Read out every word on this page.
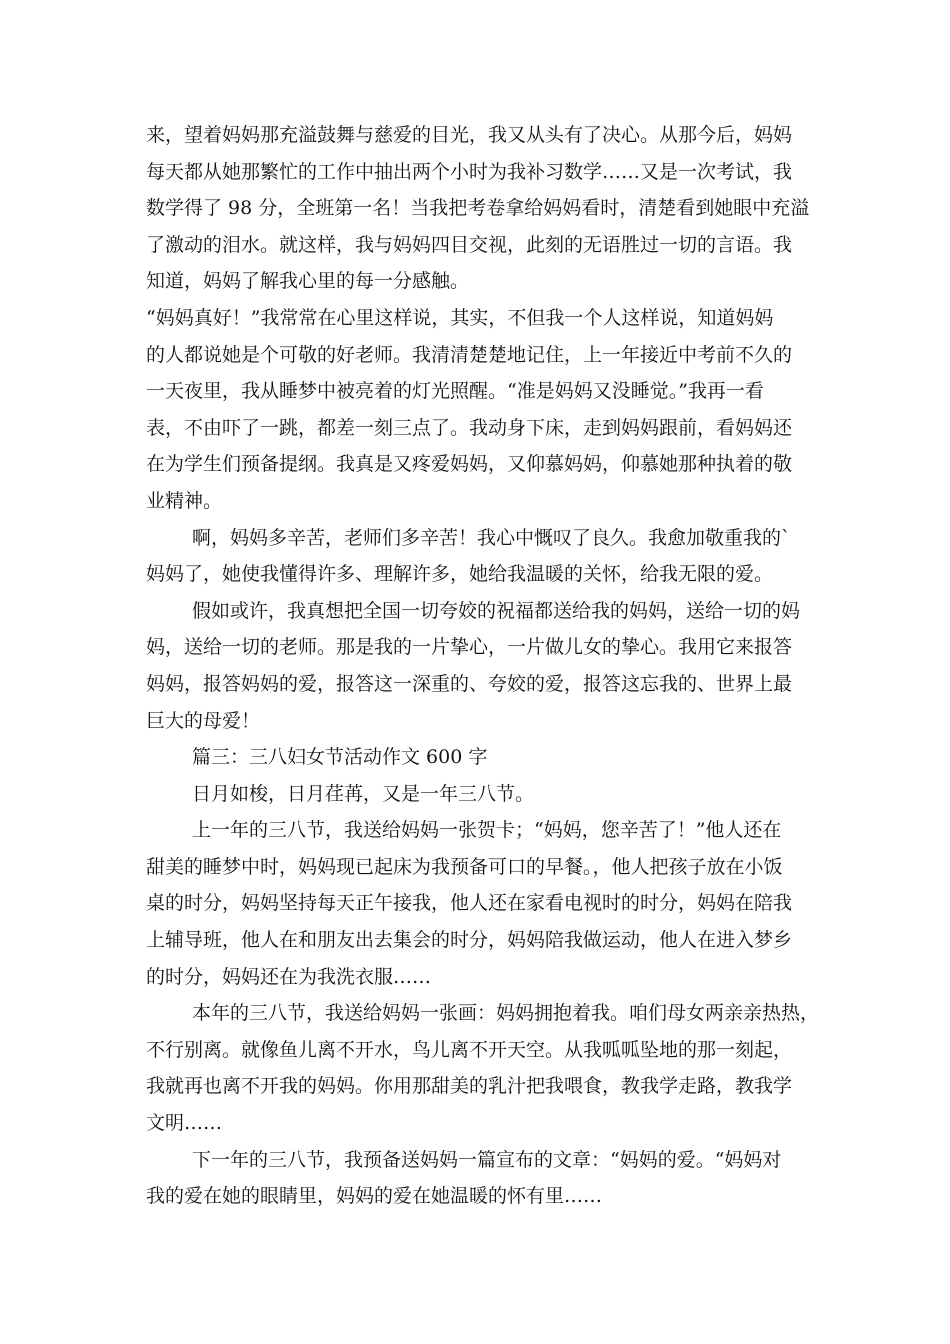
来，望着妈妈那充溢鼓舞与慈爱的目光，我又从头有了决心。从那今后，妈妈
每天都从她那繁忙的工作中抽出两个小时为我补习数学……又是一次考试，我
数学得了 98 分，全班第一名！当我把考卷拿给妈妈看时，清楚看到她眼中充溢
了激动的泪水。就这样，我与妈妈四目交视，此刻的无语胜过一切的言语。我
知道，妈妈了解我心里的每一分感触。
“妈妈真好！”我常常在心里这样说，其实，不但我一个人这样说，知道妈妈
的人都说她是个可敬的好老师。我清清楚楚地记住，上一年接近中考前不久的
一天夜里，我从睡梦中被亮着的灯光照醒。“准是妈妈又没睡觉。”我再一看
表，不由吓了一跳，都差一刻三点了。我动身下床，走到妈妈跟前，看妈妈还
在为学生们预备提纲。我真是又疼爱妈妈，又仰慕妈妈，仰慕她那种执着的敬
业精神。
啊，妈妈多辛苦，老师们多辛苦！我心中慨叹了良久。我愈加敬重我的`
妈妈了，她使我懂得许多、理解许多，她给我温暖的关怀，给我无限的爱。
假如或许，我真想把全国一切夸姣的祝福都送给我的妈妈，送给一切的妈
妈，送给一切的老师。那是我的一片挚心，一片做儿女的挚心。我用它来报答
妈妈，报答妈妈的爱，报答这一深重的、夸姣的爱，报答这忘我的、世界上最
巨大的母爱！
篇三：三八妇女节活动作文 600 字
日月如梭，日月荏苒，又是一年三八节。
上一年的三八节，我送给妈妈一张贺卡；“妈妈，您辛苦了！”他人还在
甜美的睡梦中时，妈妈现已起床为我预备可口的早餐。，他人把孩子放在小饭
桌的时分，妈妈坚持每天正午接我，他人还在家看电视时的时分，妈妈在陪我
上辅导班，他人在和朋友出去集会的时分，妈妈陪我做运动，他人在进入梦乡
的时分，妈妈还在为我洗衣服……
本年的三八节，我送给妈妈一张画：妈妈拥抱着我。咱们母女两亲亲热热，
不行别离。就像鱼儿离不开水，鸟儿离不开天空。从我呱呱坠地的那一刻起，
我就再也离不开我的妈妈。你用那甜美的乳汁把我喂食，教我学走路，教我学
文明……
下一年的三八节，我预备送妈妈一篇宣布的文章：“妈妈的爱。“妈妈对
我的爱在她的眼睛里，妈妈的爱在她温暖的怀有里……
